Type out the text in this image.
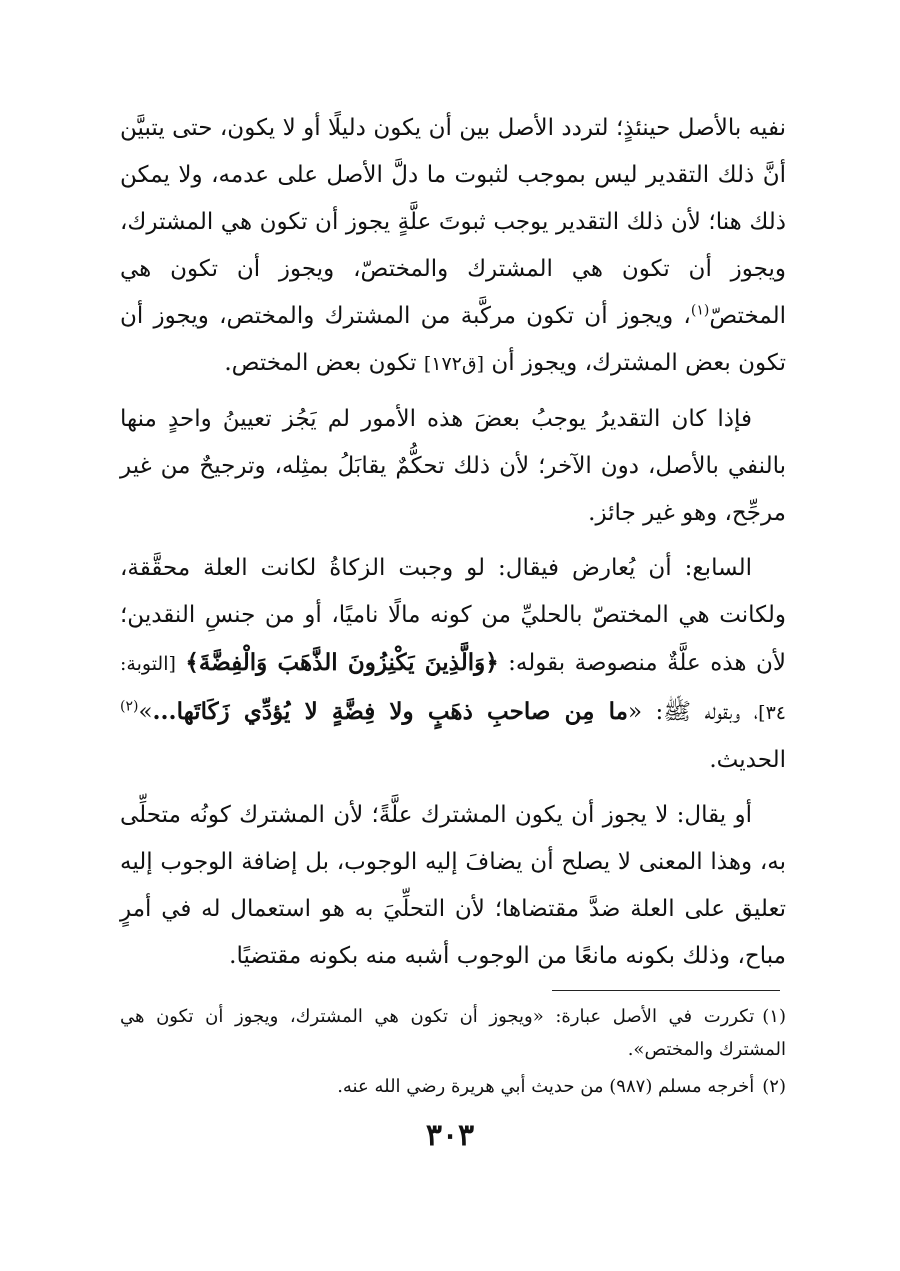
نفيه بالأصل حينئذٍ؛ لتردد الأصل بين أن يكون دليلًا أو لا يكون، حتى يتبيَّن أنَّ ذلك التقدير ليس بموجب لثبوت ما دلَّ الأصل على عدمه، ولا يمكن ذلك هنا؛ لأن ذلك التقدير يوجب ثبوتَ علَّةٍ يجوز أن تكون هي المشترك، ويجوز أن تكون هي المشترك والمختصّ، ويجوز أن تكون هي المختصّ$^{(١)}$، ويجوز أن تكون مركَّبة من المشترك والمختص، ويجوز أن تكون بعض المشترك، ويجوز أن [ق١٧٢] تكون بعض المختص.

فإذا كان التقديرُ يوجبُ بعضَ هذه الأمور لم يَجُز تعيينُ واحدٍ منها بالنفي بالأصل، دون الآخر؛ لأن ذلك تحكُّمٌ يقابَلُ بمثِله، وترجيحٌ من غير مرجِّح، وهو غير جائز.

السابع: أن يُعارض فيقال: لو وجبت الزكاةُ لكانت العلة محقَّقة، ولكانت هي المختصّ بالحليِّ من كونه مالًا ناميًا، أو من جنسِ النقدين؛ لأن هذه علَّةٌ منصوصة بقوله: ﴿وَالَّذِينَ يَكْنِزُونَ الذَّهَبَ وَالْفِضَّةَ﴾ [التوبة: ٣٤]، وبقوله ﷺ: «ما مِن صاحبِ ذهَبٍ ولا فِضَّةٍ لا يُؤدِّي زَكَاتَها...»$^{(٢)}$ الحديث.

أو يقال: لا يجوز أن يكون المشترك علَّةً؛ لأن المشترك كونُه متحلِّى به، وهذا المعنى لا يصلح أن يضافَ إليه الوجوب، بل إضافة الوجوب إليه تعليق على العلة ضدَّ مقتضاها؛ لأن التحلِّيَ به هو استعمال له في أمرٍ مباح، وذلك بكونه مانعًا من الوجوب أشبه منه بكونه مقتضيًا.

(١)تكررت في الأصل عبارة: «ويجوز أن تكون هي المشترك، ويجوز أن تكون هي المشترك والمختص».

(٢)أخرجه مسلم (٩٨٧) من حديث أبي هريرة رضي الله عنه.

٣٠٣
